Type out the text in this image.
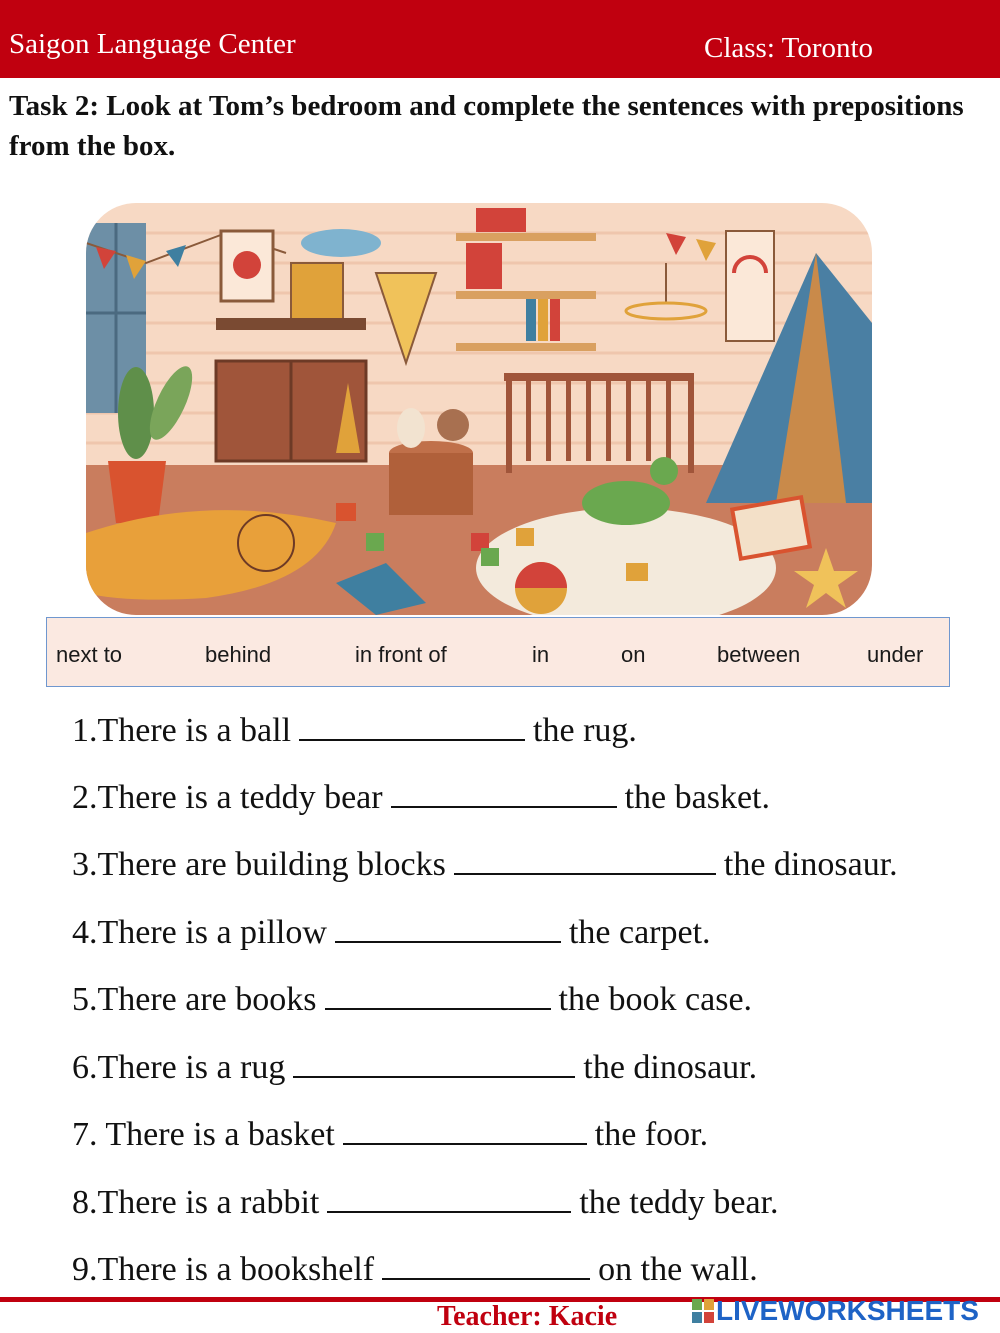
Saigon Language Center	Class: Toronto
Task 2: Look at Tom’s bedroom and complete the sentences with prepositions from the box.
next to	behind	in front of	in	on	between	under
1.There is a ball	the rug.
2.There is a teddy bear	the basket.
3.There are building blocks	the dinosaur.
4.There is a pillow	the carpet.
5.There are books	the book case.
6.There is a rug	the dinosaur.
7. There is a basket	the foor.
8.There is a rabbit	the teddy bear.
9.There is a bookshelf	on the wall.
Teacher: Kacie	LIVEWORKSHEETS
